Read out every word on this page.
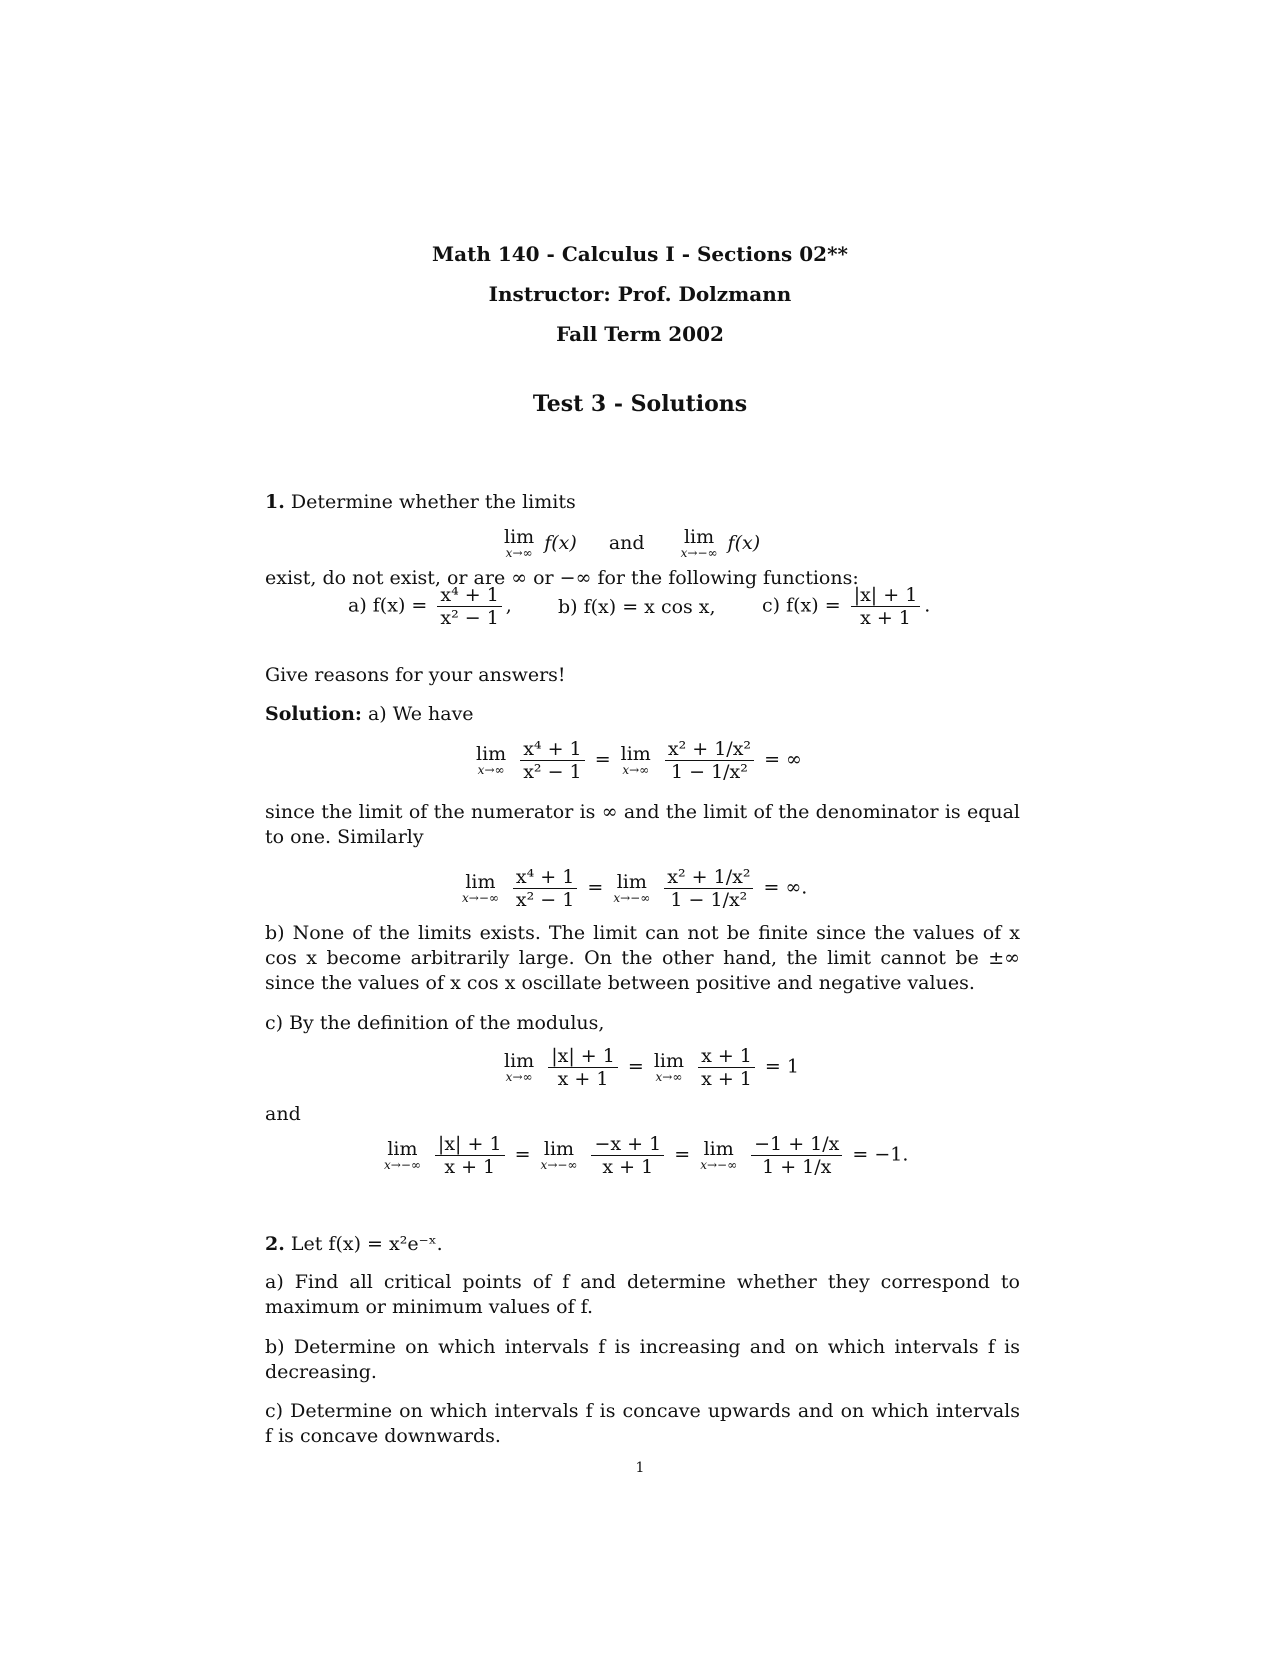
Math 140 - Calculus I - Sections 02**
Instructor: Prof. Dolzmann
Fall Term 2002
Test 3 - Solutions
1. Determine whether the limits
lim
x→∞ f(x) and lim
x→−∞ f(x)
exist, do not exist, or are ∞ or −∞ for the following functions:
a) $f(x) = \frac{\text{x⁴ + 1}}{\text{x² − 1}}$ , b) f(x) = x cos x, c) $f(x) = \frac{|x| + 1}{x + 1}$ .
Give reasons for your answers!
Solution: a) We have
lim
x→∞
$\frac{\text{x⁴ + 1}}{\text{x² − 1}} = \lim$
x→∞
$\frac{\text{x² + 1/x²}}{\text{1 − 1/x²}}$ = ∞
since the limit of the numerator is ∞ and the limit of the denominator is equal to one. Similarly
lim
x→−∞
$\frac{\text{x⁴ + 1}}{\text{x² − 1}} = \lim$
x→−∞
$\frac{\text{x² + 1/x²}}{\text{1 − 1/x²}}$ = ∞.
b) None of the limits exists. The limit can not be finite since the values of x cos x become arbitrarily large. On the other hand, the limit cannot be ±∞ since the values of x cos x oscillate between positive and negative values.
c) By the definition of the modulus,
lim
x→∞
$\frac{|x| + 1}{x + 1} = \lim$
x→∞
$\frac{x + 1}{x + 1} = 1$
and
lim
x→−∞
$\frac{|x| + 1}{x + 1} = \lim$
x→−∞
$\frac{-x + 1}{x + 1} = \lim$
x→−∞
$\frac{-1 + 1/x}{1 + 1/x} = -1$.
2. Let f(x) = x²e⁻ˣ.
a) Find all critical points of f and determine whether they correspond to maximum or minimum values of f.
b) Determine on which intervals f is increasing and on which intervals f is decreasing.
c) Determine on which intervals f is concave upwards and on which intervals f is concave downwards.
1
